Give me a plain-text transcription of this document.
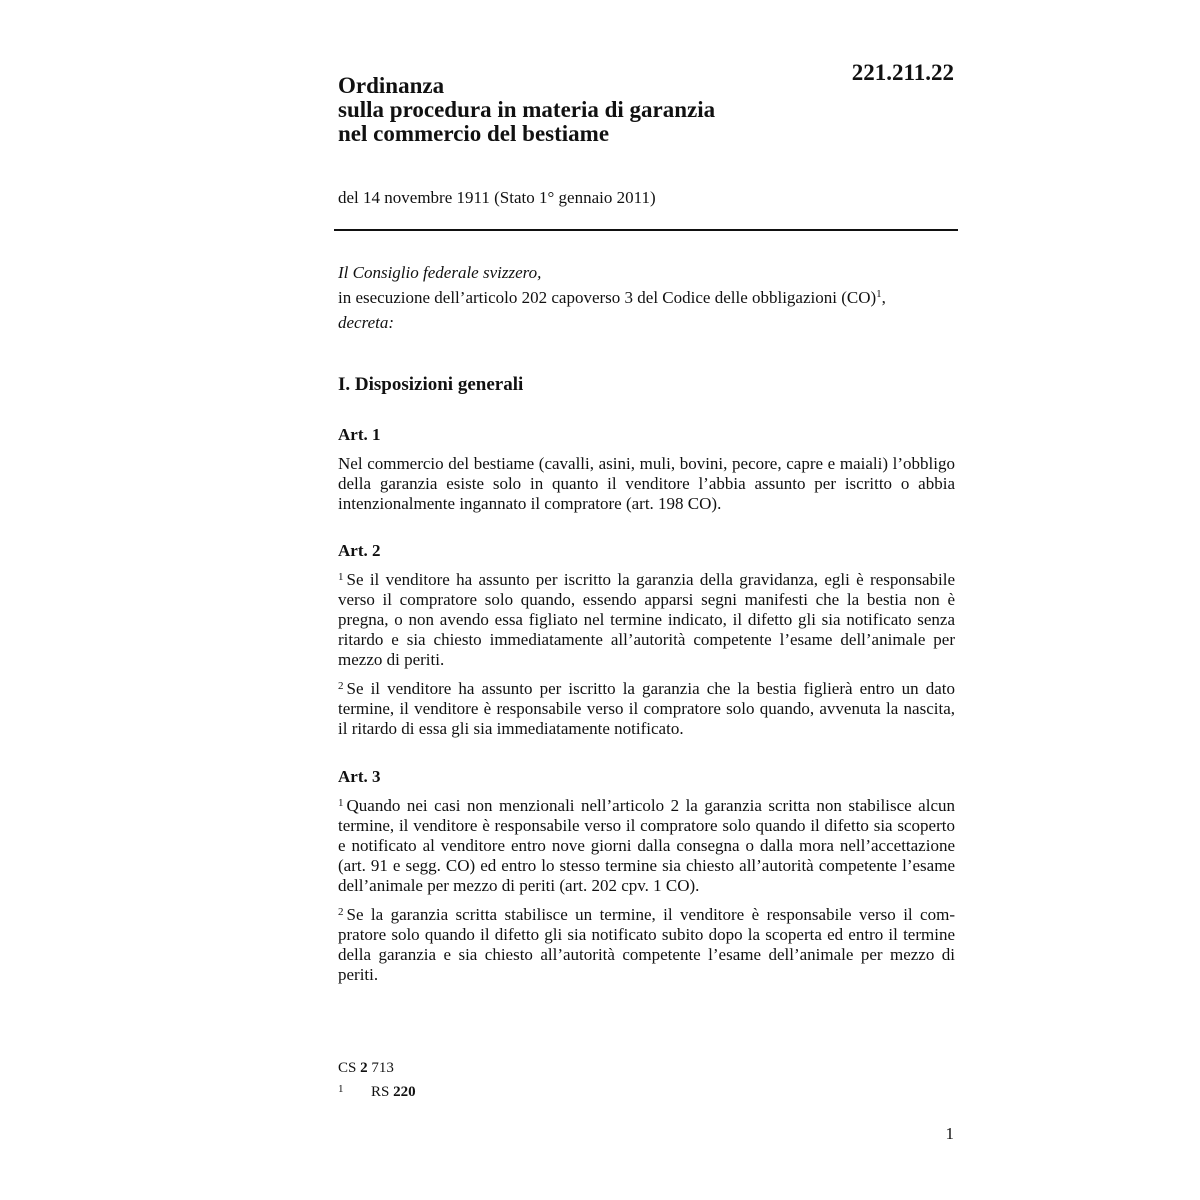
221.211.22
Ordinanza
sulla procedura in materia di garanzia
nel commercio del bestiame
del 14 novembre 1911 (Stato 1° gennaio 2011)
Il Consiglio federale svizzero,
in esecuzione dell’articolo 202 capoverso 3 del Codice delle obbligazioni (CO)$^1$,
decreta:
I. Disposizioni generali
Art. 1

Nel commercio del bestiame (cavalli, asini, muli, bovini, pecore, capre e maiali) l’obbligo della garanzia esiste solo in quanto il venditore l’abbia assunto per iscritto o abbia intenzionalmente ingannato il compratore (art. 198 CO).

Art. 2

$^1$ Se il venditore ha assunto per iscritto la garanzia della gravidanza, egli è responsabile verso il compratore solo quando, essendo apparsi segni manifesti che la bestia non è pregna, o non avendo essa figliato nel termine indicato, il difetto gli sia notificato senza ritardo e sia chiesto immediatamente all’autorità competente l’esame dell’animale per mezzo di periti.

$^2$ Se il venditore ha assunto per iscritto la garanzia che la bestia figlierà entro un dato termine, il venditore è responsabile verso il compratore solo quando, avvenuta la nascita, il ritardo di essa gli sia immediatamente notificato.

Art. 3

$^1$ Quando nei casi non menzionali nell’articolo 2 la garanzia scritta non stabilisce alcun termine, il venditore è responsabile verso il compratore solo quando il difetto sia scoperto e notificato al venditore entro nove giorni dalla consegna o dalla mora nell’accettazione (art. 91 e segg. CO) ed entro lo stesso termine sia chiesto all’autorità competente l’esame dell’animale per mezzo di periti (art. 202 cpv. 1 CO).

$^2$ Se la garanzia scritta stabilisce un termine, il venditore è responsabile verso il compratore solo quando il difetto gli sia notificato subito dopo la scoperta ed entro il termine della garanzia e sia chiesto all’autorità competente l’esame dell’animale per mezzo di periti.

CS 2 713
1 RS 220
1
